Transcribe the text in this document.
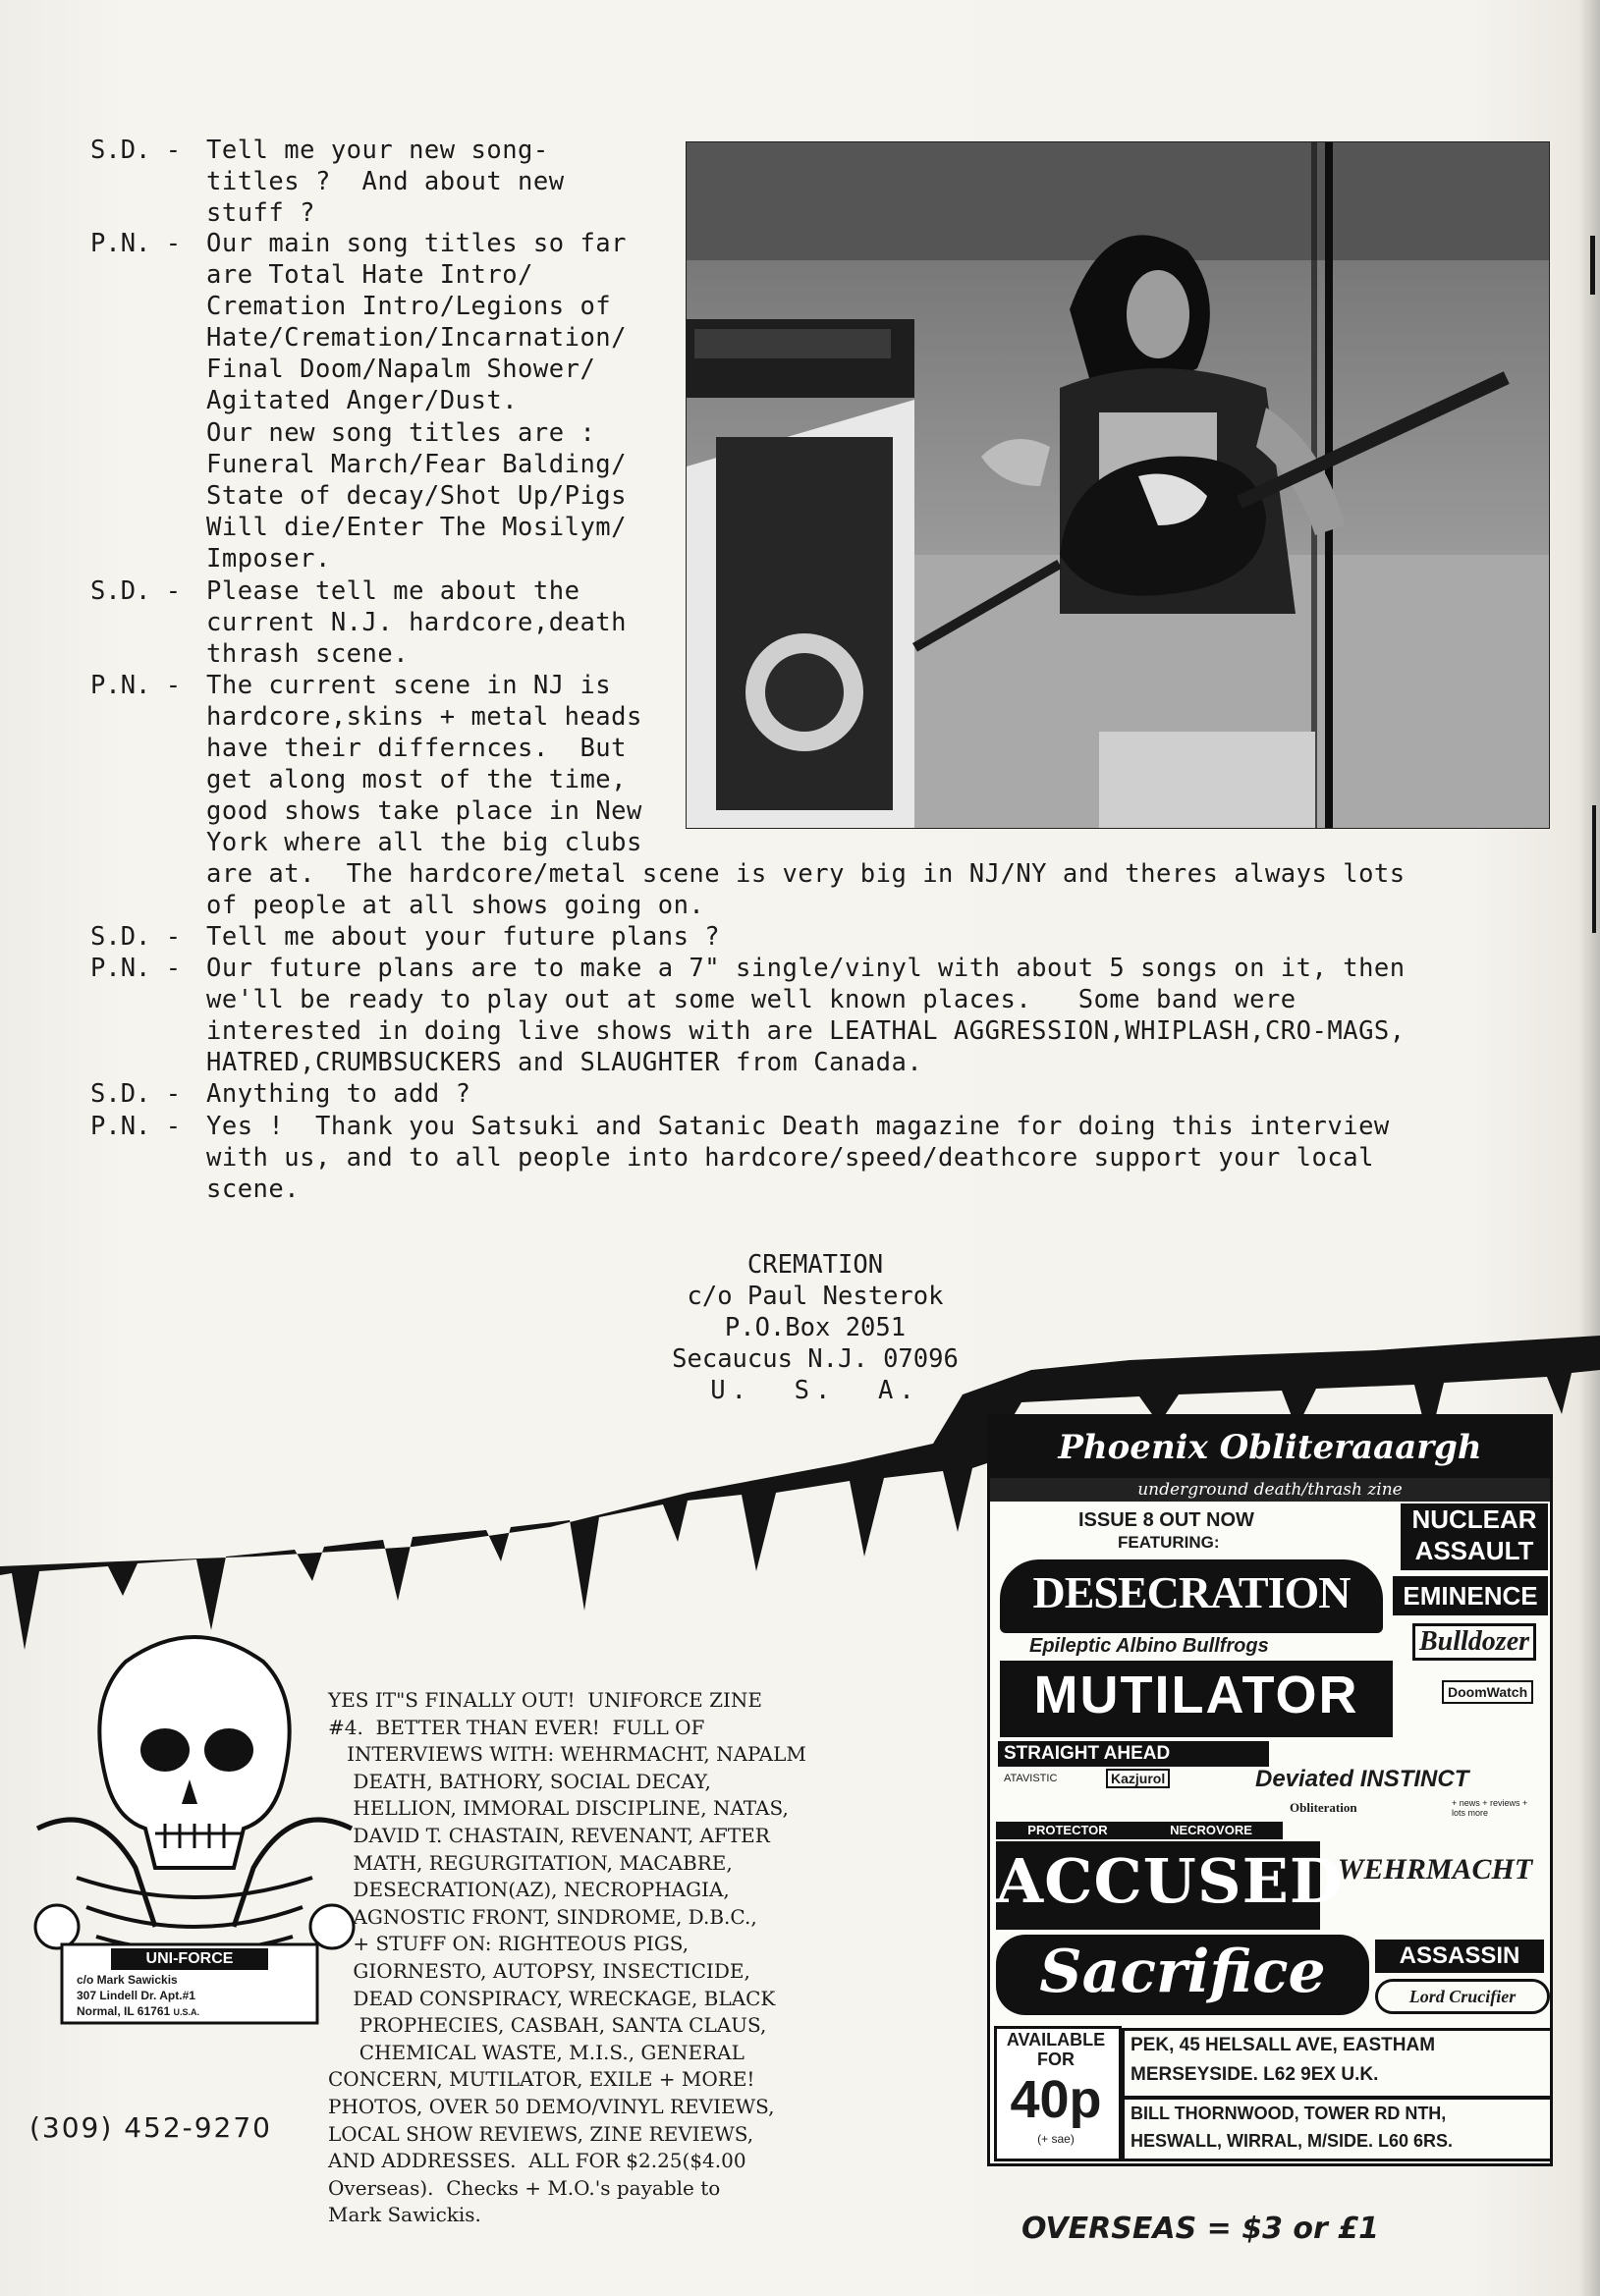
S.D. - Tell me your new song-
titles ?  And about new
stuff ?
P.N. - Our main song titles so far
are Total Hate Intro/
Cremation Intro/Legions of
Hate/Cremation/Incarnation/
Final Doom/Napalm Shower/
Agitated Anger/Dust.
Our new song titles are :
Funeral March/Fear Balding/
State of decay/Shot Up/Pigs
Will die/Enter The Mosilym/
Imposer.
S.D. - Please tell me about the
current N.J. hardcore,death
thrash scene.
P.N. - The current scene in NJ is
hardcore,skins + metal heads
have their differnces.  But
get along most of the time,
good shows take place in New
York where all the big clubs
are at.  The hardcore/metal scene is very big in NJ/NY and theres always lots
of people at all shows going on.
S.D. - Tell me about your future plans ?
P.N. - Our future plans are to make a 7" single/vinyl with about 5 songs on it, then
we'll be ready to play out at some well known places.   Some band were
interested in doing live shows with are LEATHAL AGGRESSION,WHIPLASH,CRO-MAGS,
HATRED,CRUMBSUCKERS and SLAUGHTER from Canada.
S.D. - Anything to add ?
P.N. - Yes !  Thank you Satsuki and Satanic Death magazine for doing this interview
with us, and to all people into hardcore/speed/deathcore support your local
scene.
CREMATION
c/o Paul Nesterok
P.O.Box 2051
Secaucus N.J. 07096
U.  S.  A.
UNI-FORCE
c/o Mark Sawickis
307 Lindell Dr. Apt.#1
Normal, IL 61761 U.S.A.
(309) 452-9270
YES IT"S FINALLY OUT!  UNIFORCE ZINE
#4.  BETTER THAN EVER!  FULL OF
INTERVIEWS WITH: WEHRMACHT, NAPALM
DEATH, BATHORY, SOCIAL DECAY,
HELLION, IMMORAL DISCIPLINE, NATAS,
DAVID T. CHASTAIN, REVENANT, AFTER
MATH, REGURGITATION, MACABRE,
DESECRATION(AZ), NECROPHAGIA,
AGNOSTIC FRONT, SINDROME, D.B.C.,
+ STUFF ON: RIGHTEOUS PIGS,
GIORNESTO, AUTOPSY, INSECTICIDE,
DEAD CONSPIRACY, WRECKAGE, BLACK
PROPHECIES, CASBAH, SANTA CLAUS,
CHEMICAL WASTE, M.I.S., GENERAL
CONCERN, MUTILATOR, EXILE + MORE!
PHOTOS, OVER 50 DEMO/VINYL REVIEWS,
LOCAL SHOW REVIEWS, ZINE REVIEWS,
AND ADDRESSES.  ALL FOR $2.25($4.00
Overseas).  Checks + M.O.'s payable to
Mark Sawickis.
Phoenix Obliteraaargh
underground death/thrash zine
ISSUE 8 OUT NOW
FEATURING:
DESECRATION
Epileptic Albino Bullfrogs
MUTILATOR
STRAIGHT AHEAD
ATAVISTIC	Kazjurol	Deviated INSTINCT
Obliteration	+ news + reviews + lots more
PROTECTOR	NECROVORE
ACCUSED
Sacrifice
NUCLEAR ASSAULT
EMINENCE
Bulldozer
DoomWatch
WEHRMACHT
ASSASSIN
Lord Crucifier
AVAILABLE FOR
40p
(+ sae)
PEK, 45 HELSALL AVE, EASTHAM
MERSEYSIDE. L62 9EX U.K.
BILL THORNWOOD, TOWER RD NTH,
HESWALL, WIRRAL, M/SIDE. L60 6RS.
OVERSEAS = $3 or £1
